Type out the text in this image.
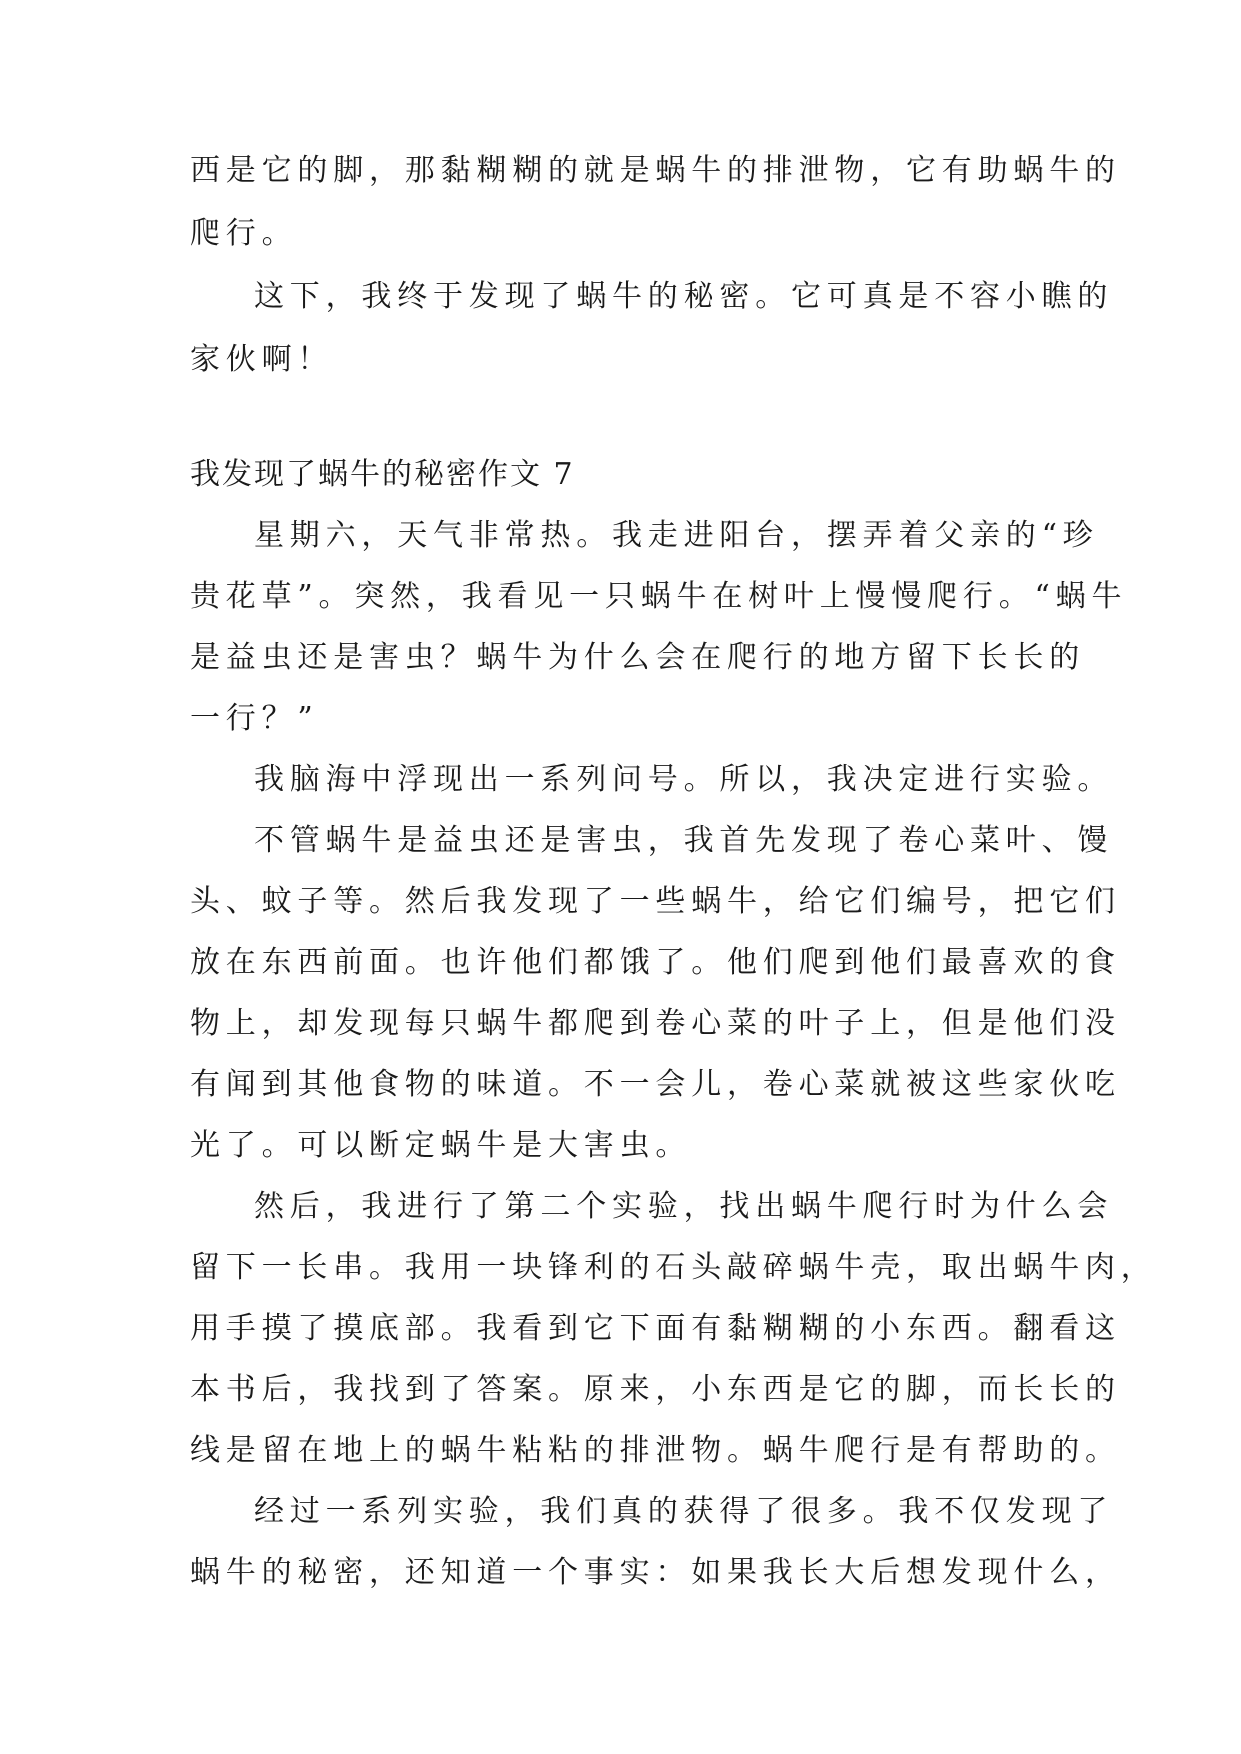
西是它的脚，那黏糊糊的就是蜗牛的排泄物，它有助蜗牛的
爬行。
这下，我终于发现了蜗牛的秘密。它可真是不容小瞧的
家伙啊！
我发现了蜗牛的秘密作文 7
星期六，天气非常热。我走进阳台，摆弄着父亲的“珍
贵花草”。突然，我看见一只蜗牛在树叶上慢慢爬行。“蜗牛
是益虫还是害虫？蜗牛为什么会在爬行的地方留下长长的
一行？”
我脑海中浮现出一系列问号。所以，我决定进行实验。
不管蜗牛是益虫还是害虫，我首先发现了卷心菜叶、馒
头、蚊子等。然后我发现了一些蜗牛，给它们编号，把它们
放在东西前面。也许他们都饿了。他们爬到他们最喜欢的食
物上，却发现每只蜗牛都爬到卷心菜的叶子上，但是他们没
有闻到其他食物的味道。不一会儿，卷心菜就被这些家伙吃
光了。可以断定蜗牛是大害虫。
然后，我进行了第二个实验，找出蜗牛爬行时为什么会
留下一长串。我用一块锋利的石头敲碎蜗牛壳，取出蜗牛肉，
用手摸了摸底部。我看到它下面有黏糊糊的小东西。翻看这
本书后，我找到了答案。原来，小东西是它的脚，而长长的
线是留在地上的蜗牛粘粘的排泄物。蜗牛爬行是有帮助的。
经过一系列实验，我们真的获得了很多。我不仅发现了
蜗牛的秘密，还知道一个事实：如果我长大后想发现什么，
